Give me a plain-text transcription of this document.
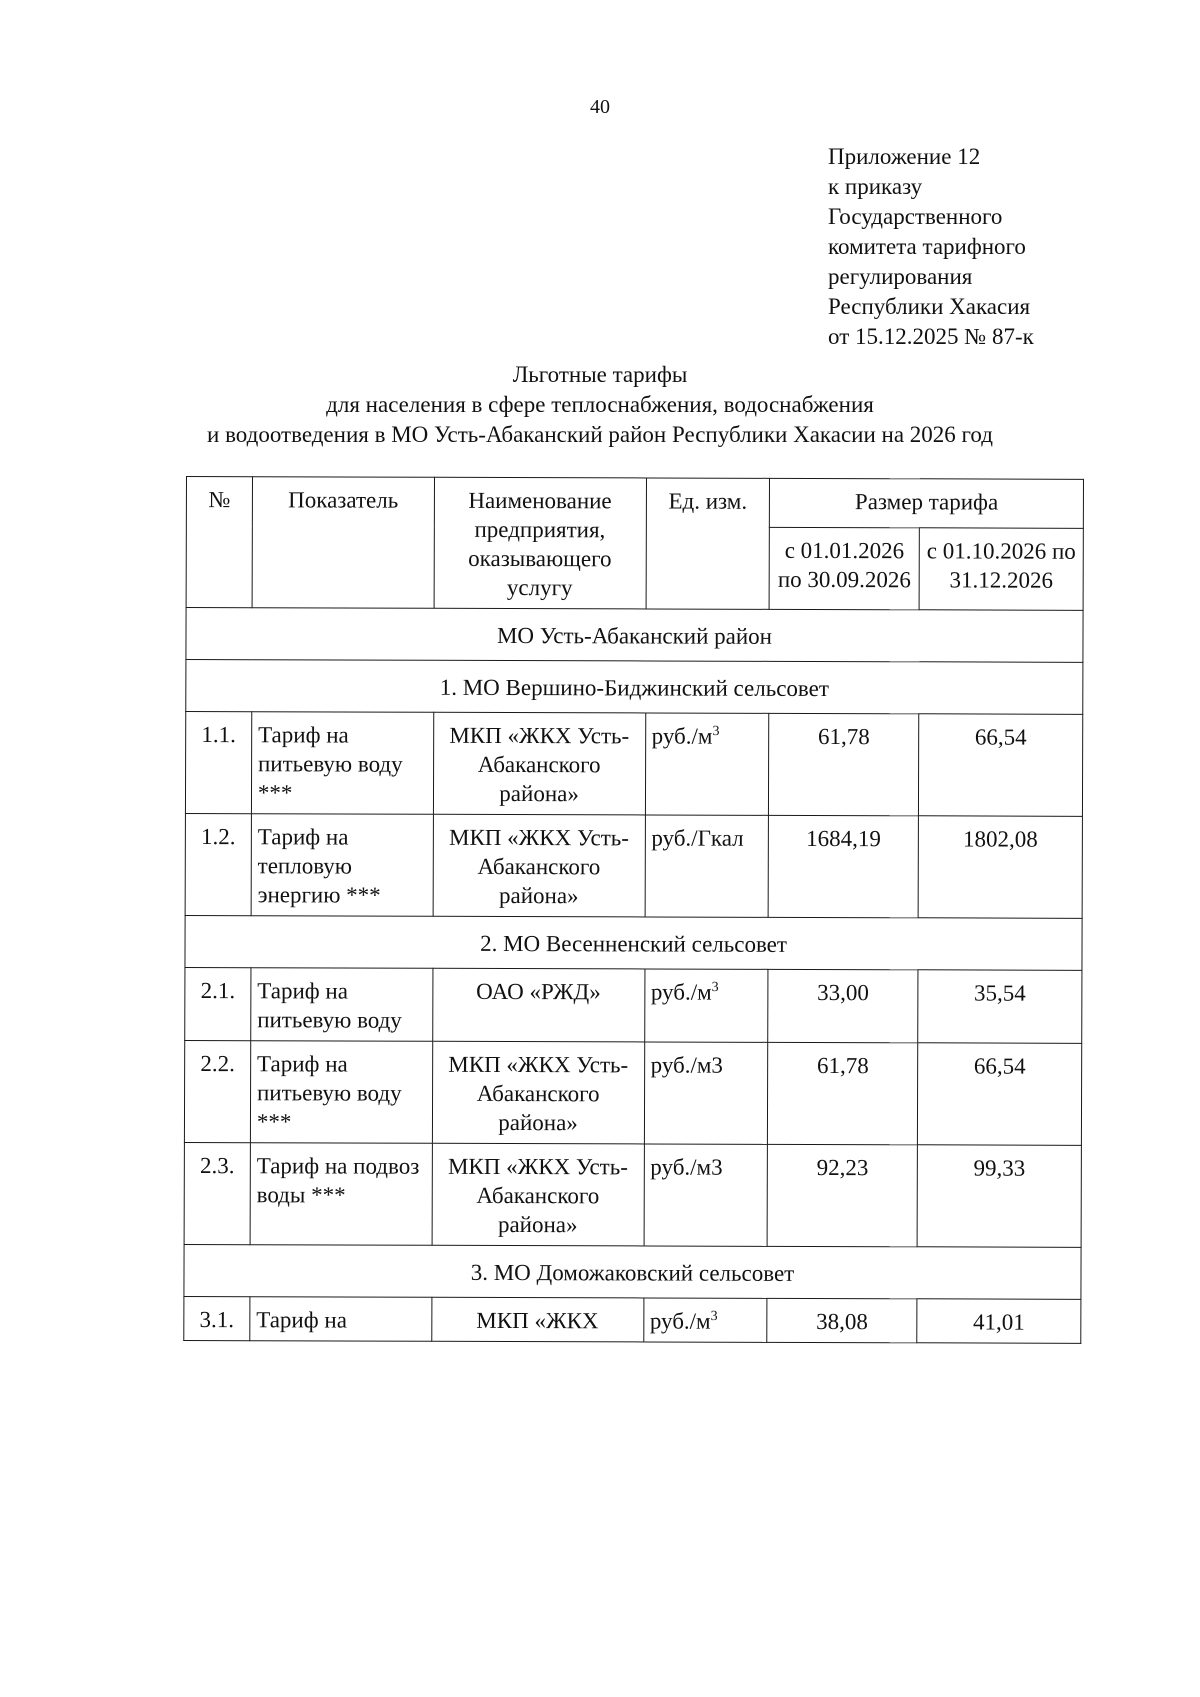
40
Приложение 12
к приказу
Государственного
комитета тарифного
регулирования
Республики Хакасия
от 15.12.2025 № 87-к
Льготные тарифы
для населения в сфере теплоснабжения, водоснабжения
и водоотведения в МО Усть-Абаканский район Республики Хакасии на 2026 год
№	Показатель	Наименование предприятия, оказывающего услугу	Ед. изм.	Размер тарифа	
				с 01.01.2026 по 30.09.2026	с 01.10.2026 по 31.12.2026
МО Усть-Абаканский район					
1. МО Вершино-Биджинский сельсовет					
1.1.	Тариф на питьевую воду ***	МКП «ЖКХ Усть-Абаканского района»	$руб./м^3$	61,78	66,54
1.2.	Тариф на тепловую энергию ***	МКП «ЖКХ Усть-Абаканского района»	руб./Гкал	1684,19	1802,08
2. МО Весенненский сельсовет					
2.1.	Тариф на питьевую воду	ОАО «РЖД»	$руб./м^3$	33,00	35,54
2.2.	Тариф на питьевую воду ***	МКП «ЖКХ Усть-Абаканского района»	руб./м3	61,78	66,54
2.3.	Тариф на подвоз воды ***	МКП «ЖКХ Усть-Абаканского района»	руб./м3	92,23	99,33
3. МО Доможаковский сельсовет					
3.1.	Тариф на	МКП «ЖКХ	$руб./м^3$	38,08	41,01
